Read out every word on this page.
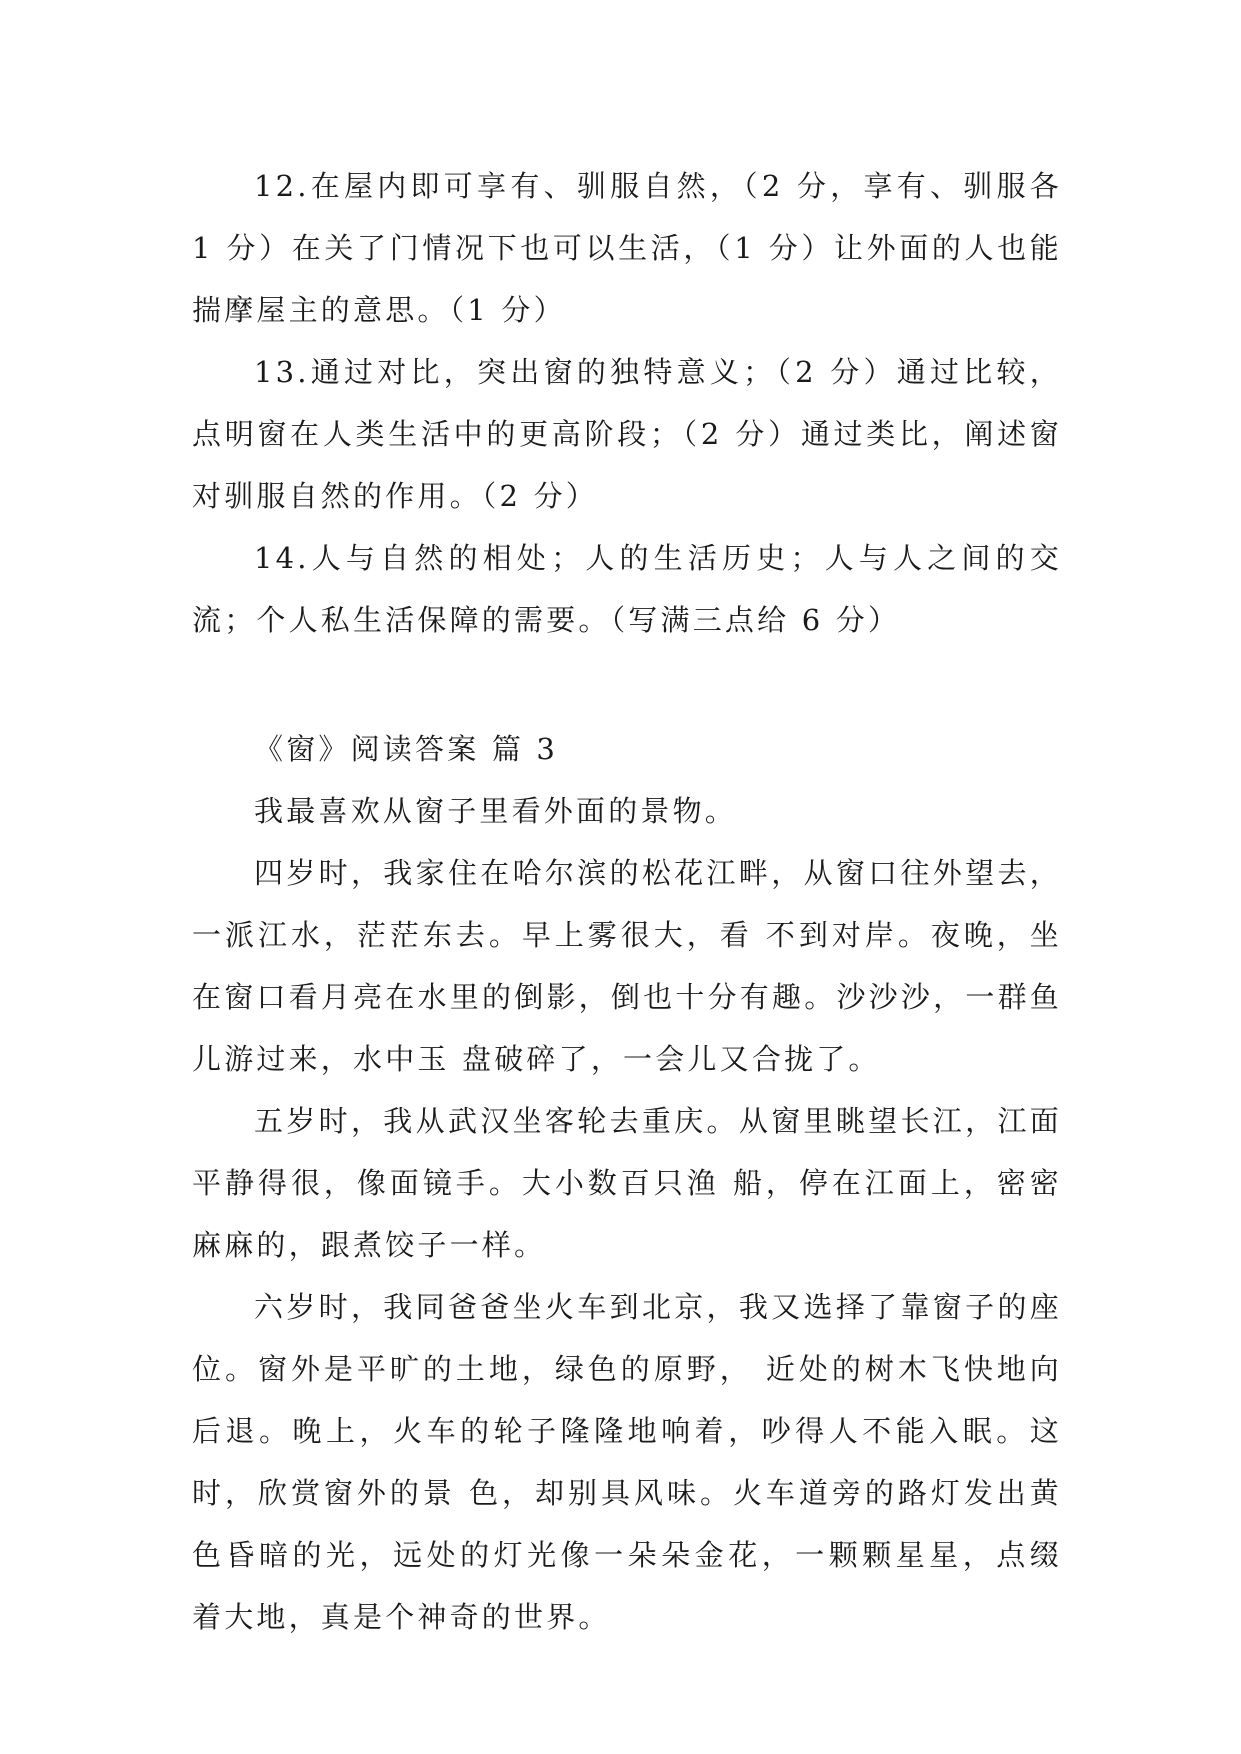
12.在屋内即可享有、驯服自然，（2 分，享有、驯服各 1 分）在关了门情况下也可以生活，（1 分）让外面的人也能揣摩屋主的意思。（1 分）

13.通过对比，突出窗的独特意义；（2 分）通过比较，点明窗在人类生活中的更高阶段；（2 分）通过类比，阐述窗对驯服自然的作用。（2 分）

14.人与自然的相处；人的生活历史；人与人之间的交流；个人私生活保障的需要。（写满三点给 6 分）

《窗》阅读答案 篇 3

我最喜欢从窗子里看外面的景物。

四岁时，我家住在哈尔滨的松花江畔，从窗口往外望去，一派江水，茫茫东去。早上雾很大，看 不到对岸。夜晚，坐在窗口看月亮在水里的倒影，倒也十分有趣。沙沙沙，一群鱼儿游过来，水中玉 盘破碎了，一会儿又合拢了。

五岁时，我从武汉坐客轮去重庆。从窗里眺望长江，江面平静得很，像面镜手。大小数百只渔 船，停在江面上，密密麻麻的，跟煮饺子一样。

六岁时，我同爸爸坐火车到北京，我又选择了靠窗子的座位。窗外是平旷的土地，绿色的原野， 近处的树木飞快地向后退。晚上，火车的轮子隆隆地响着，吵得人不能入眠。这时，欣赏窗外的景 色，却别具风味。火车道旁的路灯发出黄色昏暗的光，远处的灯光像一朵朵金花，一颗颗星星，点缀 着大地，真是个神奇的世界。
